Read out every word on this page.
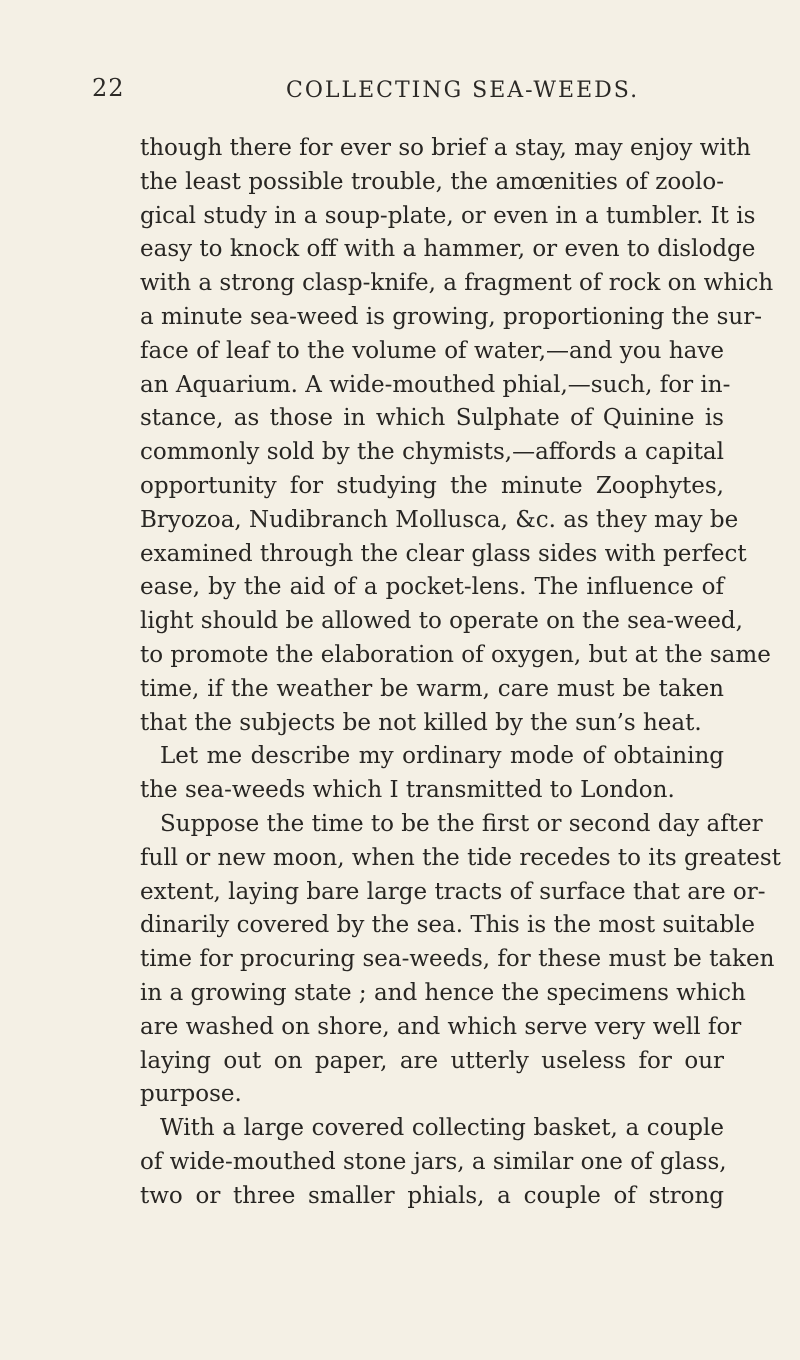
22	COLLECTING SEA-WEEDS.
though there for ever so brief a stay, may enjoy with
the least possible trouble, the amœnities of zoolo-
gical study in a soup-plate, or even in a tumbler. It is
easy to knock off with a hammer, or even to dislodge
with a strong clasp-knife, a fragment of rock on which
a minute sea-weed is growing, proportioning the sur-
face of leaf to the volume of water,—and you have
an Aquarium. A wide-mouthed phial,—such, for in-
stance, as those in which Sulphate of Quinine is
commonly sold by the chymists,—affords a capital
opportunity for studying the minute Zoophytes,
Bryozoa, Nudibranch Mollusca, &c. as they may be
examined through the clear glass sides with perfect
ease, by the aid of a pocket-lens. The influence of
light should be allowed to operate on the sea-weed,
to promote the elaboration of oxygen, but at the same
time, if the weather be warm, care must be taken
that the subjects be not killed by the sun’s heat.
Let me describe my ordinary mode of obtaining
the sea-weeds which I transmitted to London.
Suppose the time to be the first or second day after
full or new moon, when the tide recedes to its greatest
extent, laying bare large tracts of surface that are or-
dinarily covered by the sea. This is the most suitable
time for procuring sea-weeds, for these must be taken
in a growing state ; and hence the specimens which
are washed on shore, and which serve very well for
laying out on paper, are utterly useless for our
purpose.
With a large covered collecting basket, a couple
of wide-mouthed stone jars, a similar one of glass,
two or three smaller phials, a couple of strong
